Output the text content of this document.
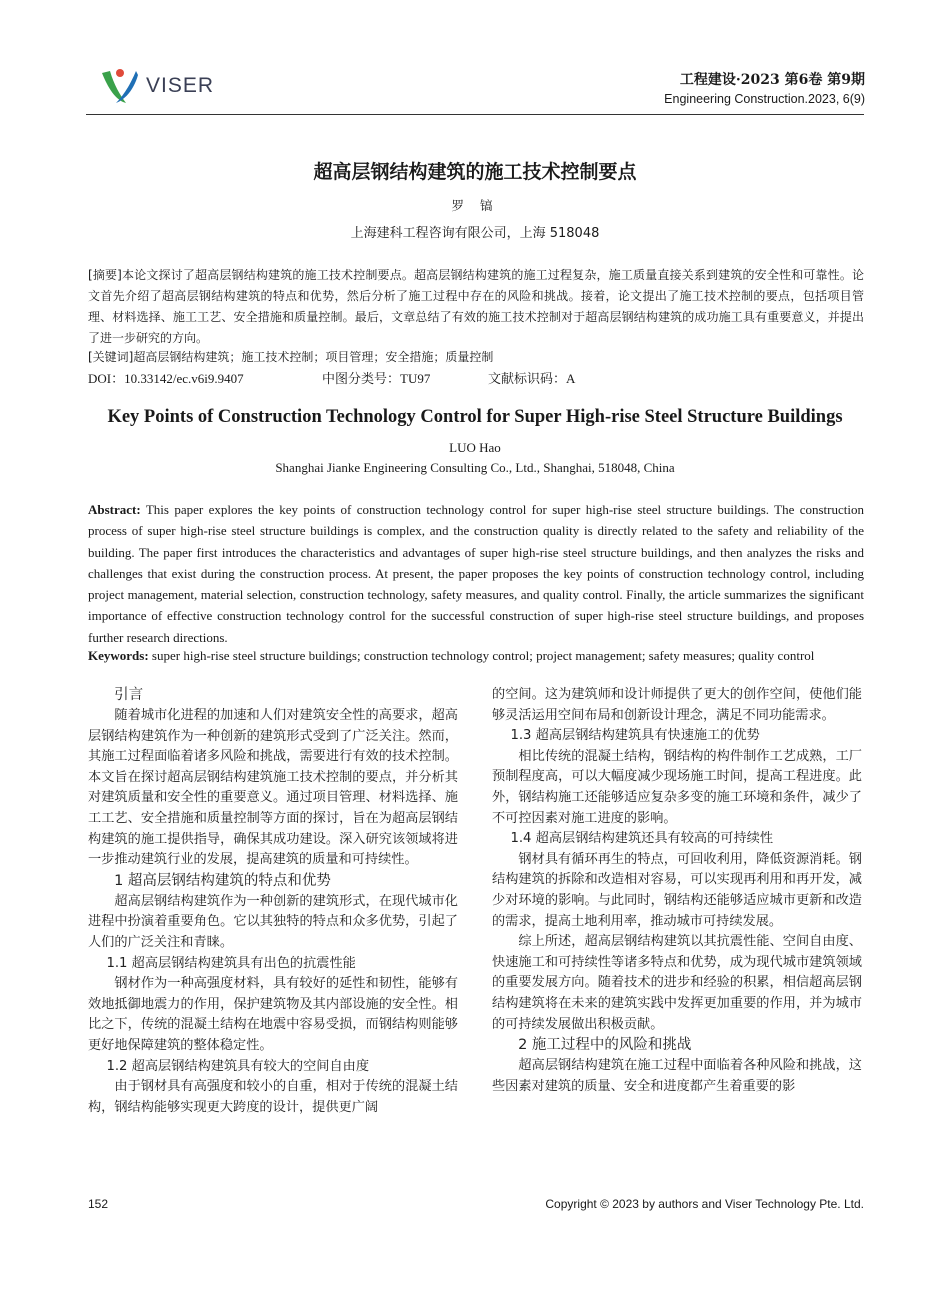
VISER	工程建设·2023 第6卷 第9期
Engineering Construction.2023, 6(9)
超高层钢结构建筑的施工技术控制要点
罗 镐
上海建科工程咨询有限公司，上海 518048
[摘要]本论文探讨了超高层钢结构建筑的施工技术控制要点。超高层钢结构建筑的施工过程复杂，施工质量直接关系到建筑的安全性和可靠性。论文首先介绍了超高层钢结构建筑的特点和优势，然后分析了施工过程中存在的风险和挑战。接着，论文提出了施工技术控制的要点，包括项目管理、材料选择、施工工艺、安全措施和质量控制。最后，文章总结了有效的施工技术控制对于超高层钢结构建筑的成功施工具有重要意义，并提出了进一步研究的方向。
[关键词]超高层钢结构建筑；施工技术控制；项目管理；安全措施；质量控制
DOI：10.33142/ec.v6i9.9407	中图分类号：TU97	文献标识码：A
Key Points of Construction Technology Control for Super High-rise Steel Structure Buildings
LUO Hao
Shanghai Jianke Engineering Consulting Co., Ltd., Shanghai, 518048, China
Abstract: This paper explores the key points of construction technology control for super high-rise steel structure buildings. The construction process of super high-rise steel structure buildings is complex, and the construction quality is directly related to the safety and reliability of the building. The paper first introduces the characteristics and advantages of super high-rise steel structure buildings, and then analyzes the risks and challenges that exist during the construction process. At present, the paper proposes the key points of construction technology control, including project management, material selection, construction technology, safety measures, and quality control. Finally, the article summarizes the significant importance of effective construction technology control for the successful construction of super high-rise steel structure buildings, and proposes further research directions.
Keywords: super high-rise steel structure buildings; construction technology control; project management; safety measures; quality control
引言

随着城市化进程的加速和人们对建筑安全性的高要求，超高层钢结构建筑作为一种创新的建筑形式受到了广泛关注。然而，其施工过程面临着诸多风险和挑战，需要进行有效的技术控制。本文旨在探讨超高层钢结构建筑施工技术控制的要点，并分析其对建筑质量和安全性的重要意义。通过项目管理、材料选择、施工工艺、安全措施和质量控制等方面的探讨，旨在为超高层钢结构建筑的施工提供指导，确保其成功建设。深入研究该领域将进一步推动建筑行业的发展，提高建筑的质量和可持续性。

1 超高层钢结构建筑的特点和优势

超高层钢结构建筑作为一种创新的建筑形式，在现代城市化进程中扮演着重要角色。它以其独特的特点和众多优势，引起了人们的广泛关注和青睐。

1.1 超高层钢结构建筑具有出色的抗震性能

钢材作为一种高强度材料，具有较好的延性和韧性，能够有效地抵御地震力的作用，保护建筑物及其内部设施的安全性。相比之下，传统的混凝土结构在地震中容易受损，而钢结构则能够更好地保障建筑的整体稳定性。

1.2 超高层钢结构建筑具有较大的空间自由度

由于钢材具有高强度和较小的自重，相对于传统的混凝土结构，钢结构能够实现更大跨度的设计，提供更广阔

的空间。这为建筑师和设计师提供了更大的创作空间，使他们能够灵活运用空间布局和创新设计理念，满足不同功能需求。

1.3 超高层钢结构建筑具有快速施工的优势

相比传统的混凝土结构，钢结构的构件制作工艺成熟，工厂预制程度高，可以大幅度减少现场施工时间，提高工程进度。此外，钢结构施工还能够适应复杂多变的施工环境和条件，减少了不可控因素对施工进度的影响。

1.4 超高层钢结构建筑还具有较高的可持续性

钢材具有循环再生的特点，可回收利用，降低资源消耗。钢结构建筑的拆除和改造相对容易，可以实现再利用和再开发，减少对环境的影响。与此同时，钢结构还能够适应城市更新和改造的需求，提高土地利用率，推动城市可持续发展。

综上所述，超高层钢结构建筑以其抗震性能、空间自由度、快速施工和可持续性等诸多特点和优势，成为现代城市建筑领域的重要发展方向。随着技术的进步和经验的积累，相信超高层钢结构建筑将在未来的建筑实践中发挥更加重要的作用，并为城市的可持续发展做出积极贡献。

2 施工过程中的风险和挑战

超高层钢结构建筑在施工过程中面临着各种风险和挑战，这些因素对建筑的质量、安全和进度都产生着重要的影

152	Copyright © 2023 by authors and Viser Technology Pte. Ltd.
